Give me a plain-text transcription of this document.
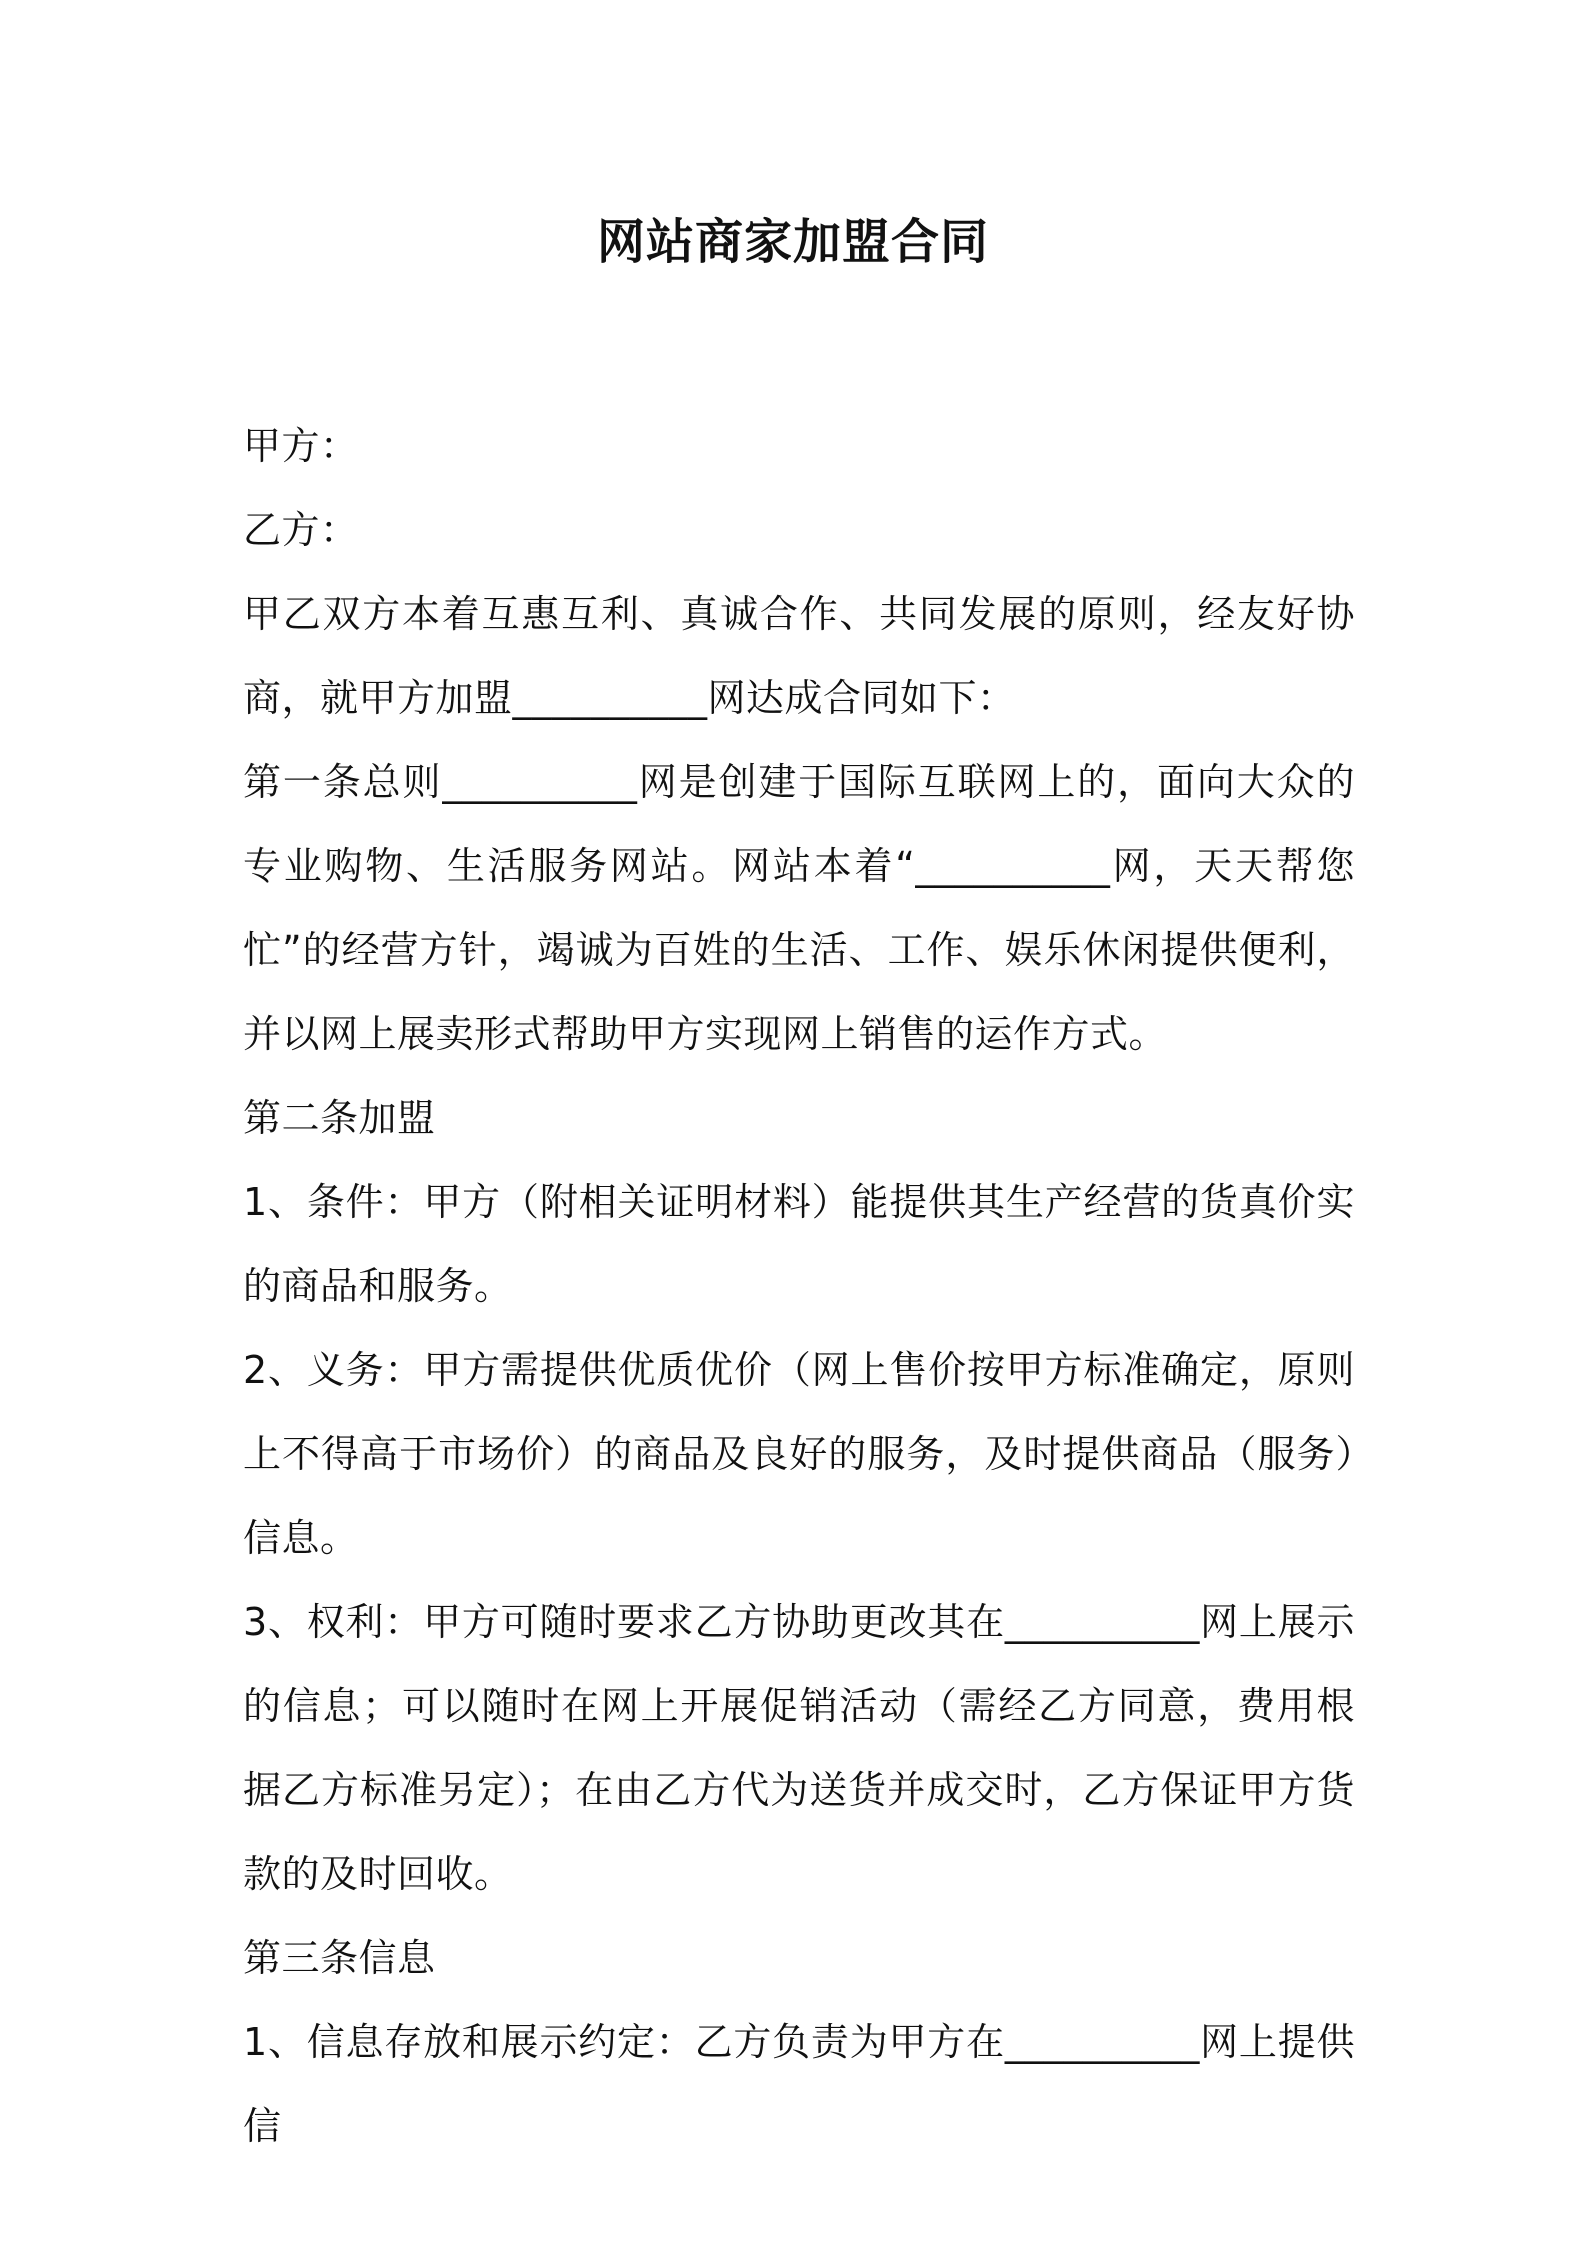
网站商家加盟合同

甲方：

乙方：

甲乙双方本着互惠互利、真诚合作、共同发展的原则，经友好协商，就甲方加盟__________网达成合同如下：

第一条总则__________网是创建于国际互联网上的，面向大众的专业购物、生活服务网站。网站本着“__________网，天天帮您忙”的经营方针，竭诚为百姓的生活、工作、娱乐休闲提供便利，并以网上展卖形式帮助甲方实现网上销售的运作方式。

第二条加盟

1、条件：甲方（附相关证明材料）能提供其生产经营的货真价实的商品和服务。

2、义务：甲方需提供优质优价（网上售价按甲方标准确定，原则上不得高于市场价）的商品及良好的服务，及时提供商品（服务）信息。

3、权利：甲方可随时要求乙方协助更改其在__________网上展示的信息；可以随时在网上开展促销活动（需经乙方同意，费用根据乙方标准另定）；在由乙方代为送货并成交时，乙方保证甲方货款的及时回收。

第三条信息

1、信息存放和展示约定：乙方负责为甲方在__________网上提供信
